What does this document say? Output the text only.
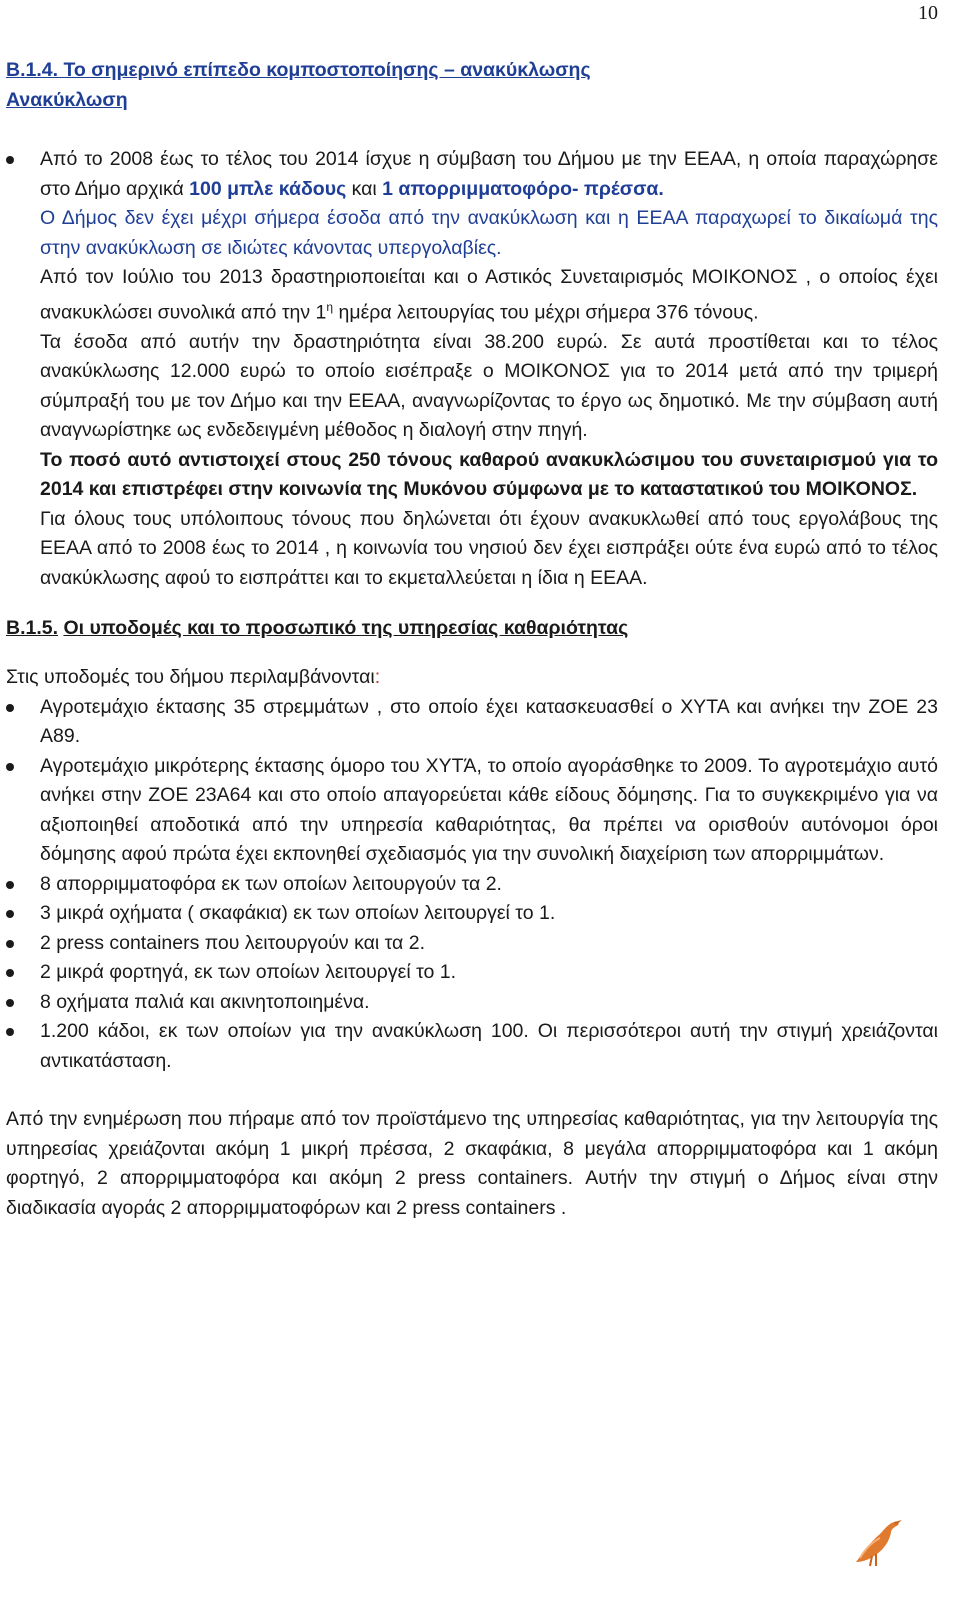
10
Β.1.4. Το σημερινό επίπεδο κομποστοποίησης – ανακύκλωσης
Ανακύκλωση

Από το 2008 έως το τέλος του 2014 ίσχυε η σύμβαση του Δήμου με την ΕΕΑΑ, η οποία παραχώρησε στο Δήμο αρχικά 100 μπλε κάδους και 1 απορριμματοφόρο- πρέσσα.

Ο Δήμος δεν έχει μέχρι σήμερα έσοδα από την ανακύκλωση και η ΕΕΑΑ παραχωρεί το δικαίωμά της στην ανακύκλωση σε ιδιώτες κάνοντας υπεργολαβίες.

Από τον Ιούλιο του 2013 δραστηριοποιείται και ο Αστικός Συνεταιρισμός ΜΟΙΚΟΝΟΣ , ο οποίος έχει ανακυκλώσει συνολικά από την $1^\eta$ ημέρα λειτουργίας του μέχρι σήμερα 376 τόνους.

Τα έσοδα από αυτήν την δραστηριότητα είναι 38.200 ευρώ. Σε αυτά προστίθεται και το τέλος ανακύκλωσης 12.000 ευρώ το οποίο εισέπραξε ο ΜΟΙΚΟΝΟΣ για το 2014 μετά από την τριμερή σύμπραξή του με τον Δήμο και την ΕΕΑΑ, αναγνωρίζοντας το έργο ως δημοτικό. Με την σύμβαση αυτή αναγνωρίστηκε ως ενδεδειγμένη μέθοδος η διαλογή στην πηγή.

Το ποσό αυτό αντιστοιχεί στους 250 τόνους καθαρού ανακυκλώσιμου του συνεταιρισμού για το 2014 και επιστρέφει στην κοινωνία της Μυκόνου σύμφωνα με το καταστατικού του ΜΟΙΚΟΝΟΣ.

Για όλους τους υπόλοιπους τόνους που δηλώνεται ότι έχουν ανακυκλωθεί από τους εργολάβους της ΕΕΑΑ από το 2008 έως το 2014 , η κοινωνία του νησιού δεν έχει εισπράξει ούτε ένα ευρώ από το τέλος ανακύκλωσης αφού το εισπράττει και το εκμεταλλεύεται η ίδια η ΕΕΑΑ.

Β.1.5. Οι υποδομές και το προσωπικό της υπηρεσίας καθαριότητας
Στις υποδομές του δήμου περιλαμβάνονται:
Αγροτεμάχιο έκτασης 35 στρεμμάτων , στο οποίο έχει κατασκευασθεί ο ΧΥΤΑ και ανήκει την ΖΟΕ 23 Α89.
Αγροτεμάχιο μικρότερης έκτασης όμορο του ΧΥΤΆ, το οποίο αγοράσθηκε το 2009. Το αγροτεμάχιο αυτό ανήκει στην ΖΟΕ 23Α64 και στο οποίο απαγορεύεται κάθε είδους δόμησης. Για το συγκεκριμένο για να αξιοποιηθεί αποδοτικά από την υπηρεσία καθαριότητας, θα πρέπει να ορισθούν αυτόνομοι όροι δόμησης αφού πρώτα έχει εκπονηθεί σχεδιασμός για την συνολική διαχείριση των απορριμμάτων.
8 απορριμματοφόρα εκ των οποίων λειτουργούν τα 2.
3 μικρά οχήματα ( σκαφάκια) εκ των οποίων λειτουργεί το 1.
2 press containers που λειτουργούν και τα 2.
2 μικρά φορτηγά, εκ των οποίων λειτουργεί το 1.
8 οχήματα παλιά και ακινητοποιημένα.
1.200 κάδοι, εκ των οποίων για την ανακύκλωση 100. Οι περισσότεροι αυτή την στιγμή χρειάζονται αντικατάσταση.

Από την ενημέρωση που πήραμε από τον προϊστάμενο της υπηρεσίας καθαριότητας, για την λειτουργία της υπηρεσίας χρειάζονται ακόμη 1 μικρή πρέσσα, 2 σκαφάκια, 8 μεγάλα απορριμματοφόρα και 1 ακόμη φορτηγό, 2 απορριμματοφόρα και ακόμη 2 press containers. Αυτήν την στιγμή ο Δήμος είναι στην διαδικασία αγοράς 2 απορριμματοφόρων και 2 press containers .
